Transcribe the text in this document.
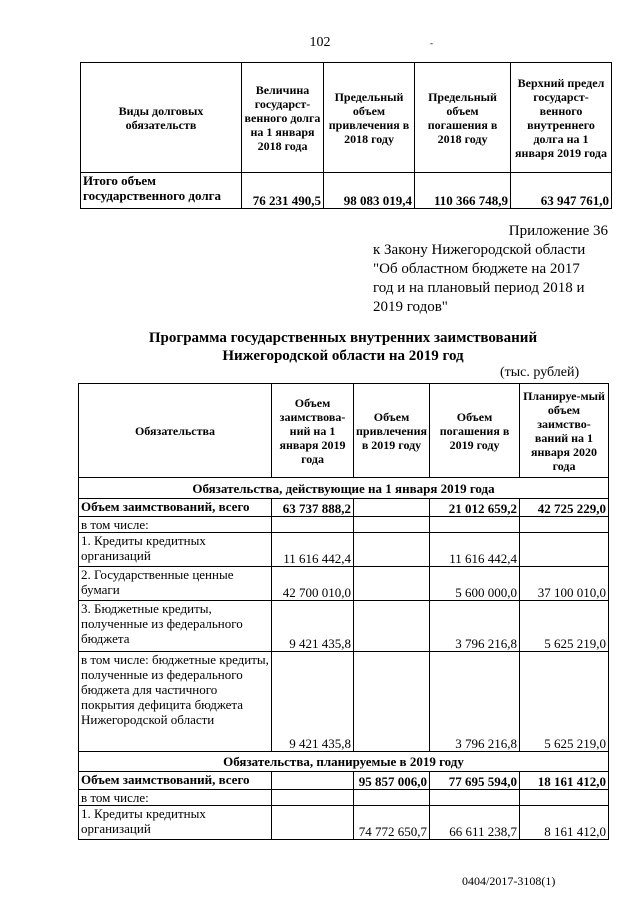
102	-
Виды долговых обязательств	Величина государст-венного долга на 1 января 2018 года	Предельный объем привлечения в 2018 году	Предельный объем погашения в 2018 году	Верхний предел государст-венного внутреннего долга на 1 января 2019 года
Итого объем государственного долга	76 231 490,5	98 083 019,4	110 366 748,9	63 947 761,0
Приложение 36
к Закону Нижегородской области
"Об областном бюджете на 2017
год и на плановый период 2018 и
2019 годов"
Программа государственных внутренних заимствований
Нижегородской области на 2019 год
(тыс. рублей)
Обязательства	Объем заимствова-ний на 1 января 2019 года	Объем привлечения в 2019 году	Объем погашения в 2019 году	Планируе-мый объем заимство-ваний на 1 января 2020 года
Обязательства, действующие на 1 января 2019 года				
Объем заимствований, всего	63 737 888,2		21 012 659,2	42 725 229,0
в том числе:				
1. Кредиты кредитных организаций	11 616 442,4		11 616 442,4	
2. Государственные ценные бумаги	42 700 010,0		5 600 000,0	37 100 010,0
3. Бюджетные кредиты, полученные из федерального бюджета	9 421 435,8		3 796 216,8	5 625 219,0
в том числе: бюджетные кредиты, полученные из федерального бюджета для частичного покрытия дефицита бюджета Нижегородской области	9 421 435,8		3 796 216,8	5 625 219,0
Обязательства, планируемые в 2019 году				
Объем заимствований, всего		95 857 006,0	77 695 594,0	18 161 412,0
в том числе:				
1. Кредиты кредитных организаций		74 772 650,7	66 611 238,7	8 161 412,0
0404/2017-3108(1)
